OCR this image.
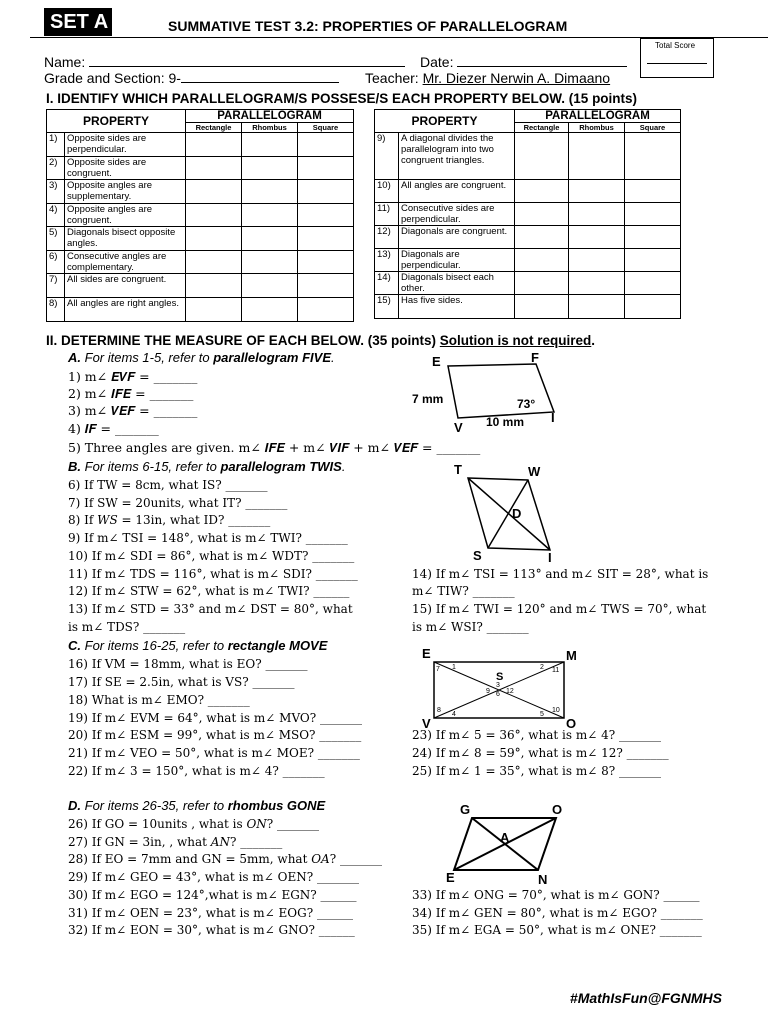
SET A	SUMMATIVE TEST 3.2: PROPERTIES OF PARALLELOGRAM
Total Score
Name:	Date:
Grade and Section: 9-	Teacher: Mr. Diezer Nerwin A. Dimaano
I. IDENTIFY WHICH PARALLELOGRAM/S POSSESE/S EACH PROPERTY BELOW. (15 points)
PROPERTY		PARALLELOGRAM		
		Rectangle	Rhombus	Square
1)	Opposite sides are perpendicular.			
2)	Opposite sides are congruent.			
3)	Opposite angles are supplementary.			
4)	Opposite angles are congruent.			
5)	Diagonals bisect opposite angles.			
6)	Consecutive angles are complementary.			
7)	All sides are congruent.			
8)	All angles are right angles.			
PROPERTY		PARALLELOGRAM		
		Rectangle	Rhombus	Square
9)	A diagonal divides the parallelogram into two congruent triangles.			
10)	All angles are congruent.			
11)	Consecutive sides are perpendicular.			
12)	Diagonals are congruent.			
13)	Diagonals are perpendicular.			
14)	Diagonals bisect each other.			
15)	Has five sides.			
II. DETERMINE THE MEASURE OF EACH BELOW. (35 points) Solution is not required.
A. For items 1-5, refer to parallelogram FIVE.
1) m∠ 𝑬𝑽𝑭 = _______
2) m∠ 𝑰𝑭𝑬 = _______
3) m∠ 𝑽𝑬𝑭 = _______
4) 𝑰𝑭 = _______
5) Three angles are given. m∠ 𝑰𝑭𝑬 + m∠ 𝑽𝑰𝑭 + m∠ 𝑽𝑬𝑭 = _______
E	F
V
I
7 mm
10 mm
73°
B. For items 6-15, refer to parallelogram TWIS.
6) If TW = 8cm, what IS? _______
7) If SW = 20units, what IT? _______
8) If 𝑊𝑆 = 13in, what ID? _______
9) If m∠ TSI = 148°, what is m∠ TWI? _______
10) If m∠ SDI = 86°, what is m∠ WDT? _______
11) If m∠ TDS = 116°, what is m∠ SDI? _______
12) If m∠ STW = 62°, what is m∠ TWI? ______
13) If m∠ STD = 33° and m∠ DST = 80°, what
is m∠ TDS? _______
14) If m∠ TSI = 113° and m∠ SIT = 28°, what is
m∠ TIW? _______
15) If m∠ TWI = 120° and m∠ TWS = 70°, what
is m∠ WSI? _______
T	W
S	I
D
C. For items 16-25, refer to rectangle MOVE
16) If VM = 18mm, what is EO? _______
17) If SE = 2.5in, what is VS? _______
18) What is m∠ EMO? _______
19) If m∠ EVM = 64°, what is m∠ MVO? _______
20) If m∠ ESM = 99°, what is m∠ MSO? _______
21) If m∠ VEO = 50°, what is m∠ MOE? _______
22) If m∠ 3 = 150°, what is m∠ 4? _______
23) If m∠ 5 = 36°, what is m∠ 4? _______
24) If m∠ 8 = 59°, what is m∠ 12? _______
25) If m∠ 1 = 35°, what is m∠ 8? _______
E	M
V	O
S
7 1	2 11
3
9 6 12
8
4	5
10
D. For items 26-35, refer to rhombus GONE
26) If GO = 10units , what is 𝑂𝑁? _______
27) If GN = 3in, , what 𝐴𝑁? _______
28) If EO = 7mm and GN = 5mm, what 𝑂𝐴? _______
29) If m∠ GEO = 43°, what is m∠ OEN? _______
30) If m∠ EGO = 124°,what is m∠ EGN? ______
31) If m∠ OEN = 23°, what is m∠ EOG? ______
32) If m∠ EON = 30°, what is m∠ GNO? ______
33) If m∠ ONG = 70°, what is m∠ GON? ______
34) If m∠ GEN = 80°, what is m∠ EGO? _______
35) If m∠ EGA = 50°, what is m∠ ONE? _______
G	O
E	N
A
#MathIsFun@FGNMHS
